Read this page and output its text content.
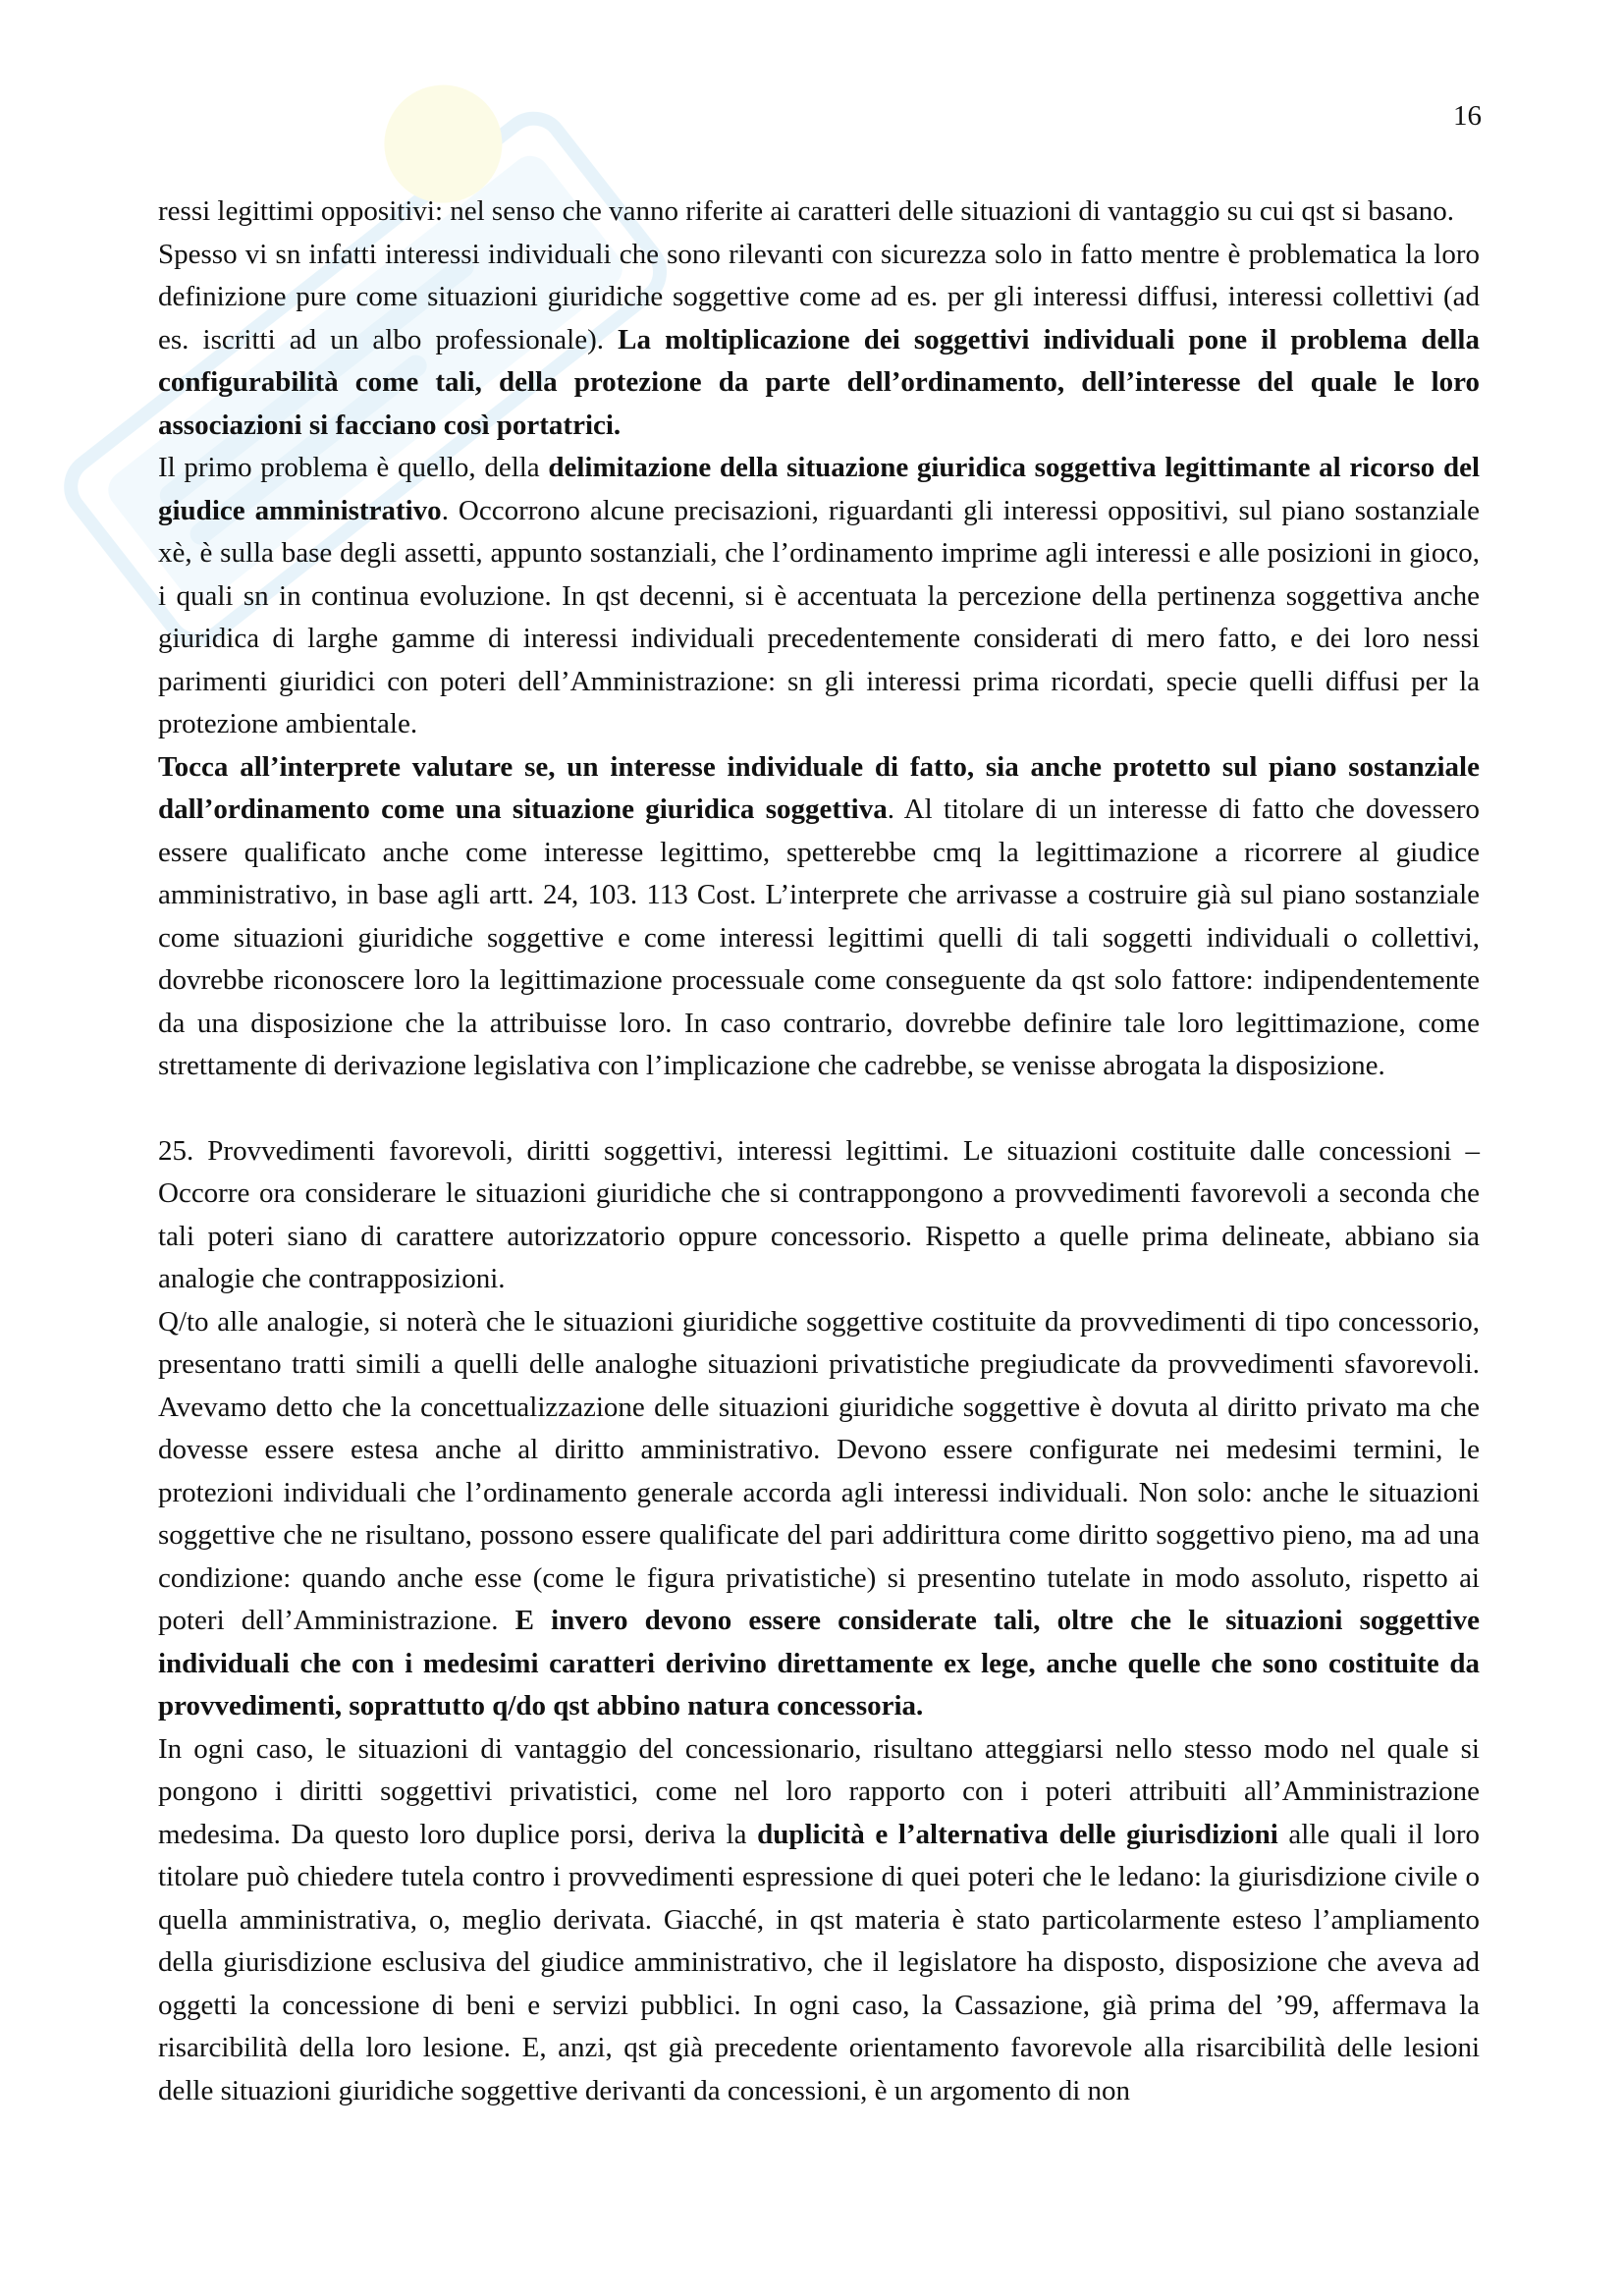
16

ressi legittimi oppositivi: nel senso che vanno riferite ai caratteri delle situazioni di vantaggio su cui qst si basano.

Spesso vi sn infatti interessi individuali che sono rilevanti con sicurezza solo in fatto mentre è problematica la loro definizione pure come situazioni giuridiche soggettive come ad es. per gli interessi diffusi, interessi collettivi (ad es. iscritti ad un albo professionale). La moltiplicazione dei soggettivi individuali pone il problema della configurabilità come tali, della protezione da parte dell’ordinamento, dell’interesse del quale le loro associazioni si facciano così portatrici.

Il primo problema è quello, della delimitazione della situazione giuridica soggettiva legittimante al ricorso del giudice amministrativo. Occorrono alcune precisazioni, riguardanti gli interessi oppositivi, sul piano sostanziale xè, è sulla base degli assetti, appunto sostanziali, che l’ordinamento imprime agli interessi e alle posizioni in gioco, i quali sn in continua evoluzione. In qst decenni, si è accentuata la percezione della pertinenza soggettiva anche giuridica di larghe gamme di interessi individuali precedentemente considerati di mero fatto, e dei loro nessi parimenti giuridici con poteri dell’Amministrazione: sn gli interessi prima ricordati, specie quelli diffusi per la protezione ambientale.

Tocca all’interprete valutare se, un interesse individuale di fatto, sia anche protetto sul piano sostanziale dall’ordinamento come una situazione giuridica soggettiva. Al titolare di un interesse di fatto che dovessero essere qualificato anche come interesse legittimo, spetterebbe cmq la legittimazione a ricorrere al giudice amministrativo, in base agli artt. 24, 103. 113 Cost. L’interprete che arrivasse a costruire già sul piano sostanziale come situazioni giuridiche soggettive e come interessi legittimi quelli di tali soggetti individuali o collettivi, dovrebbe riconoscere loro la legittimazione processuale come conseguente da qst solo fattore: indipendentemente da una disposizione che la attribuisse loro. In caso contrario, dovrebbe definire tale loro legittimazione, come strettamente di derivazione legislativa con l’implicazione che cadrebbe, se venisse abrogata la disposizione.

25. Provvedimenti favorevoli, diritti soggettivi, interessi legittimi. Le situazioni costituite dalle concessioni – Occorre ora considerare le situazioni giuridiche che si contrappongono a provvedimenti favorevoli a seconda che tali poteri siano di carattere autorizzatorio oppure concessorio. Rispetto a quelle prima delineate, abbiano sia analogie che contrapposizioni.

Q/to alle analogie, si noterà che le situazioni giuridiche soggettive costituite da provvedimenti di tipo concessorio, presentano tratti simili a quelli delle analoghe situazioni privatistiche pregiudicate da provvedimenti sfavorevoli. Avevamo detto che la concettualizzazione delle situazioni giuridiche soggettive è dovuta al diritto privato ma che dovesse essere estesa anche al diritto amministrativo. Devono essere configurate nei medesimi termini, le protezioni individuali che l’ordinamento generale accorda agli interessi individuali. Non solo: anche le situazioni soggettive che ne risultano, possono essere qualificate del pari addirittura come diritto soggettivo pieno, ma ad una condizione: quando anche esse (come le figura privatistiche) si presentino tutelate in modo assoluto, rispetto ai poteri dell’Amministrazione. E invero devono essere considerate tali, oltre che le situazioni soggettive individuali che con i medesimi caratteri derivino direttamente ex lege, anche quelle che sono costituite da provvedimenti, soprattutto q/do qst abbino natura concessoria.

In ogni caso, le situazioni di vantaggio del concessionario, risultano atteggiarsi nello stesso modo nel quale si pongono i diritti soggettivi privatistici, come nel loro rapporto con i poteri attribuiti all’Amministrazione medesima. Da questo loro duplice porsi, deriva la duplicità e l’alternativa delle giurisdizioni alle quali il loro titolare può chiedere tutela contro i provvedimenti espressione di quei poteri che le ledano: la giurisdizione civile o quella amministrativa, o, meglio derivata. Giacché, in qst materia è stato particolarmente esteso l’ampliamento della giurisdizione esclusiva del giudice amministrativo, che il legislatore ha disposto, disposizione che aveva ad oggetti la concessione di beni e servizi pubblici. In ogni caso, la Cassazione, già prima del ’99, affermava la risarcibilità della loro lesione. E, anzi, qst già precedente orientamento favorevole alla risarcibilità delle lesioni delle situazioni giuridiche soggettive derivanti da concessioni, è un argomento di non
